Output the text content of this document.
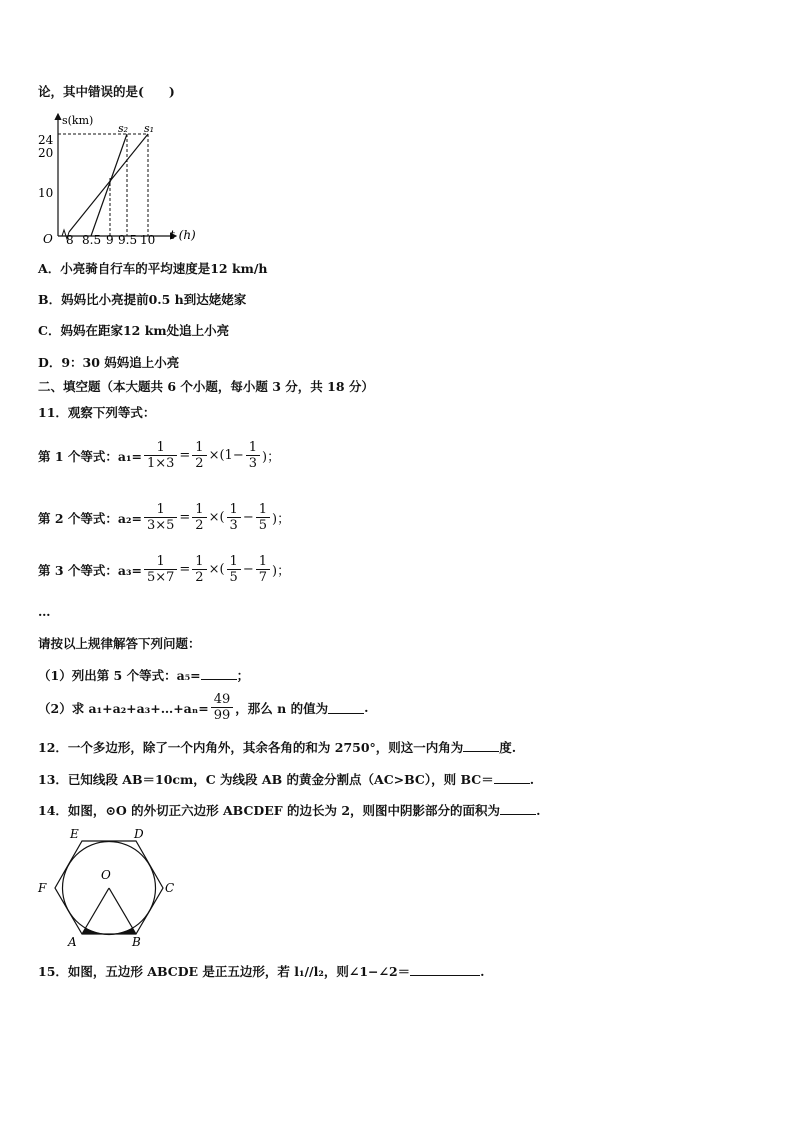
论，其中错误的是(　　)
s(km)
O
24
20
10
8 8.5 9 9.5 10 t (h)
s₂ s₁
A．小亮骑自行车的平均速度是12 km/h
B．妈妈比小亮提前0.5 h到达姥姥家
C．妈妈在距家12 km处追上小亮
D．9：30 妈妈追上小亮
二、填空题（本大题共 6 个小题，每小题 3 分，共 18 分）
11．观察下列等式：
第 1 个等式：$a_1= \frac{1}{1\times 3} = \frac{1}{2} \times(1- \frac{1}{3}$ )；
第 2 个等式：$a_2= \frac{1}{3\times 5} = \frac{1}{2}$ ×( $\frac{1}{3} - \frac{1}{5}$ )；
第 3 个等式：$a_3= \frac{1}{5\times 7} = \frac{1}{2}$ ×( $\frac{1}{5} - \frac{1}{7}$ )；
…
请按以上规律解答下列问题：
（1）列出第 5 个等式：a₅=	；
（2）求 a₁+a₂+a₃+…+aₙ= $\frac{49}{99}$ ，那么 n 的值为	.
12．一个多边形，除了一个内角外，其余各角的和为 2750°，则这一内角为	度.
13．已知线段 AB＝10cm，C 为线段 AB 的黄金分割点（AC>BC），则 BC＝	.
14．如图，⊙O 的外切正六边形 ABCDEF 的边长为 2，则图中阴影部分的面积为	.
E	D
F	C
O
A	B
15．如图，五边形 ABCDE 是正五边形，若 l₁//l₂，则∠1−∠2＝	.
